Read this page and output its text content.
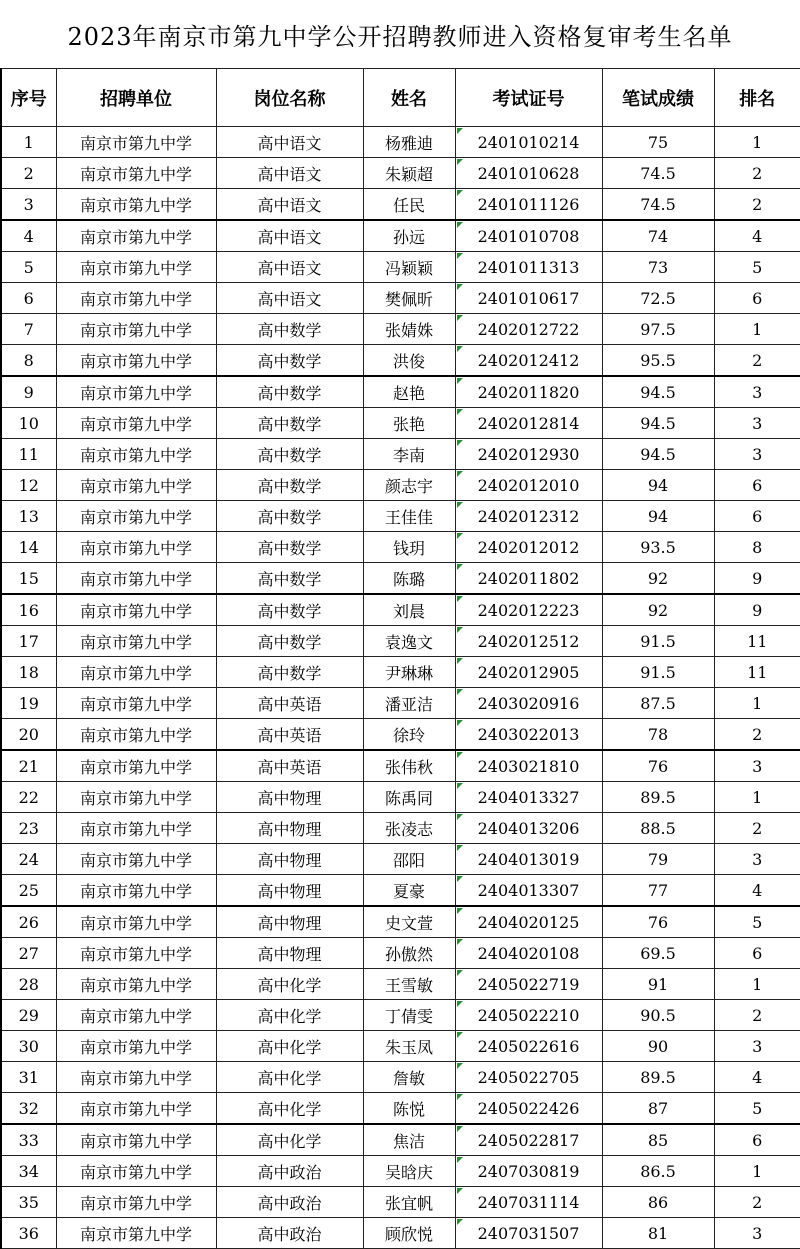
2023年南京市第九中学公开招聘教师进入资格复审考生名单
序号	招聘单位	岗位名称	姓名	考试证号	笔试成绩	排名
1	南京市第九中学	高中语文	杨雅迪	2401010214	75	1
2	南京市第九中学	高中语文	朱颖超	2401010628	74.5	2
3	南京市第九中学	高中语文	任民	2401011126	74.5	2
4	南京市第九中学	高中语文	孙远	2401010708	74	4
5	南京市第九中学	高中语文	冯颖颖	2401011313	73	5
6	南京市第九中学	高中语文	樊佩昕	2401010617	72.5	6
7	南京市第九中学	高中数学	张婧姝	2402012722	97.5	1
8	南京市第九中学	高中数学	洪俊	2402012412	95.5	2
9	南京市第九中学	高中数学	赵艳	2402011820	94.5	3
10	南京市第九中学	高中数学	张艳	2402012814	94.5	3
11	南京市第九中学	高中数学	李南	2402012930	94.5	3
12	南京市第九中学	高中数学	颜志宇	2402012010	94	6
13	南京市第九中学	高中数学	王佳佳	2402012312	94	6
14	南京市第九中学	高中数学	钱玥	2402012012	93.5	8
15	南京市第九中学	高中数学	陈璐	2402011802	92	9
16	南京市第九中学	高中数学	刘晨	2402012223	92	9
17	南京市第九中学	高中数学	袁逸文	2402012512	91.5	11
18	南京市第九中学	高中数学	尹琳琳	2402012905	91.5	11
19	南京市第九中学	高中英语	潘亚洁	2403020916	87.5	1
20	南京市第九中学	高中英语	徐玲	2403022013	78	2
21	南京市第九中学	高中英语	张伟秋	2403021810	76	3
22	南京市第九中学	高中物理	陈禹同	2404013327	89.5	1
23	南京市第九中学	高中物理	张凌志	2404013206	88.5	2
24	南京市第九中学	高中物理	邵阳	2404013019	79	3
25	南京市第九中学	高中物理	夏豪	2404013307	77	4
26	南京市第九中学	高中物理	史文萱	2404020125	76	5
27	南京市第九中学	高中物理	孙傲然	2404020108	69.5	6
28	南京市第九中学	高中化学	王雪敏	2405022719	91	1
29	南京市第九中学	高中化学	丁倩雯	2405022210	90.5	2
30	南京市第九中学	高中化学	朱玉凤	2405022616	90	3
31	南京市第九中学	高中化学	詹敏	2405022705	89.5	4
32	南京市第九中学	高中化学	陈悦	2405022426	87	5
33	南京市第九中学	高中化学	焦洁	2405022817	85	6
34	南京市第九中学	高中政治	吴晗庆	2407030819	86.5	1
35	南京市第九中学	高中政治	张宜帆	2407031114	86	2
36	南京市第九中学	高中政治	顾欣悦	2407031507	81	3
